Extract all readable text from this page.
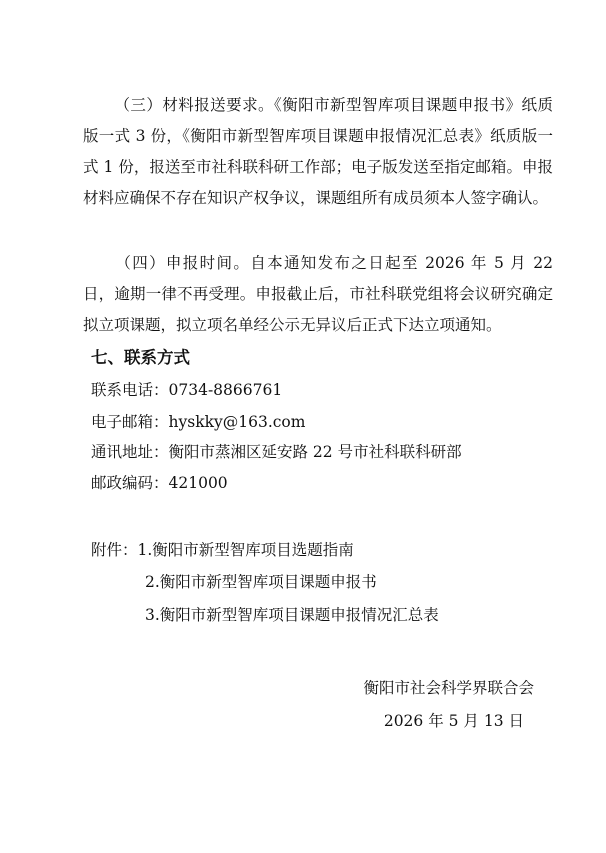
（三）材料报送要求。《衡阳市新型智库项目课题申报书》纸质版一式 3 份，《衡阳市新型智库项目课题申报情况汇总表》纸质版一式 1 份，报送至市社科联科研工作部；电子版发送至指定邮箱。申报材料应确保不存在知识产权争议，课题组所有成员须本人签字确认。

（四）申报时间。自本通知发布之日起至 2026 年 5 月 22 日，逾期一律不再受理。申报截止后，市社科联党组将会议研究确定拟立项课题，拟立项名单经公示无异议后正式下达立项通知。

七、联系方式

联系电话：0734-8866761

电子邮箱：hyskky@163.com

通讯地址：衡阳市蒸湘区延安路 22 号市社科联科研部

邮政编码：421000

附件：1.衡阳市新型智库项目选题指南

2.衡阳市新型智库项目课题申报书

3.衡阳市新型智库项目课题申报情况汇总表

衡阳市社会科学界联合会

2026 年 5 月 13 日
